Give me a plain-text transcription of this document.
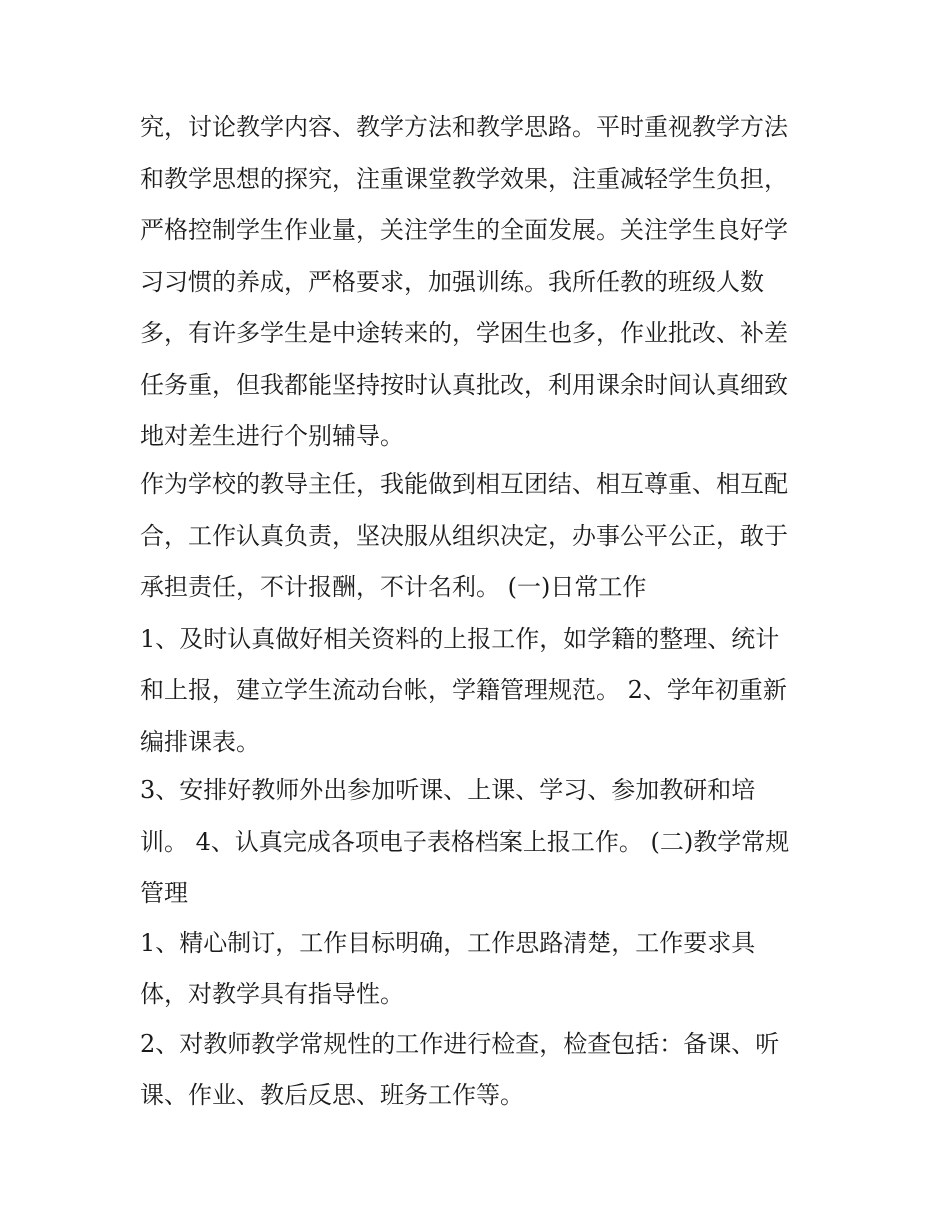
究，讨论教学内容、教学方法和教学思路。平时重视教学方法
和教学思想的探究，注重课堂教学效果，注重减轻学生负担，
严格控制学生作业量，关注学生的全面发展。关注学生良好学
习习惯的养成，严格要求，加强训练。我所任教的班级人数
多，有许多学生是中途转来的，学困生也多，作业批改、补差
任务重，但我都能坚持按时认真批改，利用课余时间认真细致
地对差生进行个别辅导。
作为学校的教导主任，我能做到相互团结、相互尊重、相互配
合，工作认真负责，坚决服从组织决定，办事公平公正，敢于
承担责任，不计报酬，不计名利。 (一)日常工作
1、及时认真做好相关资料的上报工作，如学籍的整理、统计
和上报，建立学生流动台帐，学籍管理规范。 2、学年初重新
编排课表。
3、安排好教师外出参加听课、上课、学习、参加教研和培
训。 4、认真完成各项电子表格档案上报工作。 (二)教学常规
管理
1、精心制订，工作目标明确，工作思路清楚，工作要求具
体，对教学具有指导性。
2、对教师教学常规性的工作进行检查，检查包括：备课、听
课、作业、教后反思、班务工作等。
